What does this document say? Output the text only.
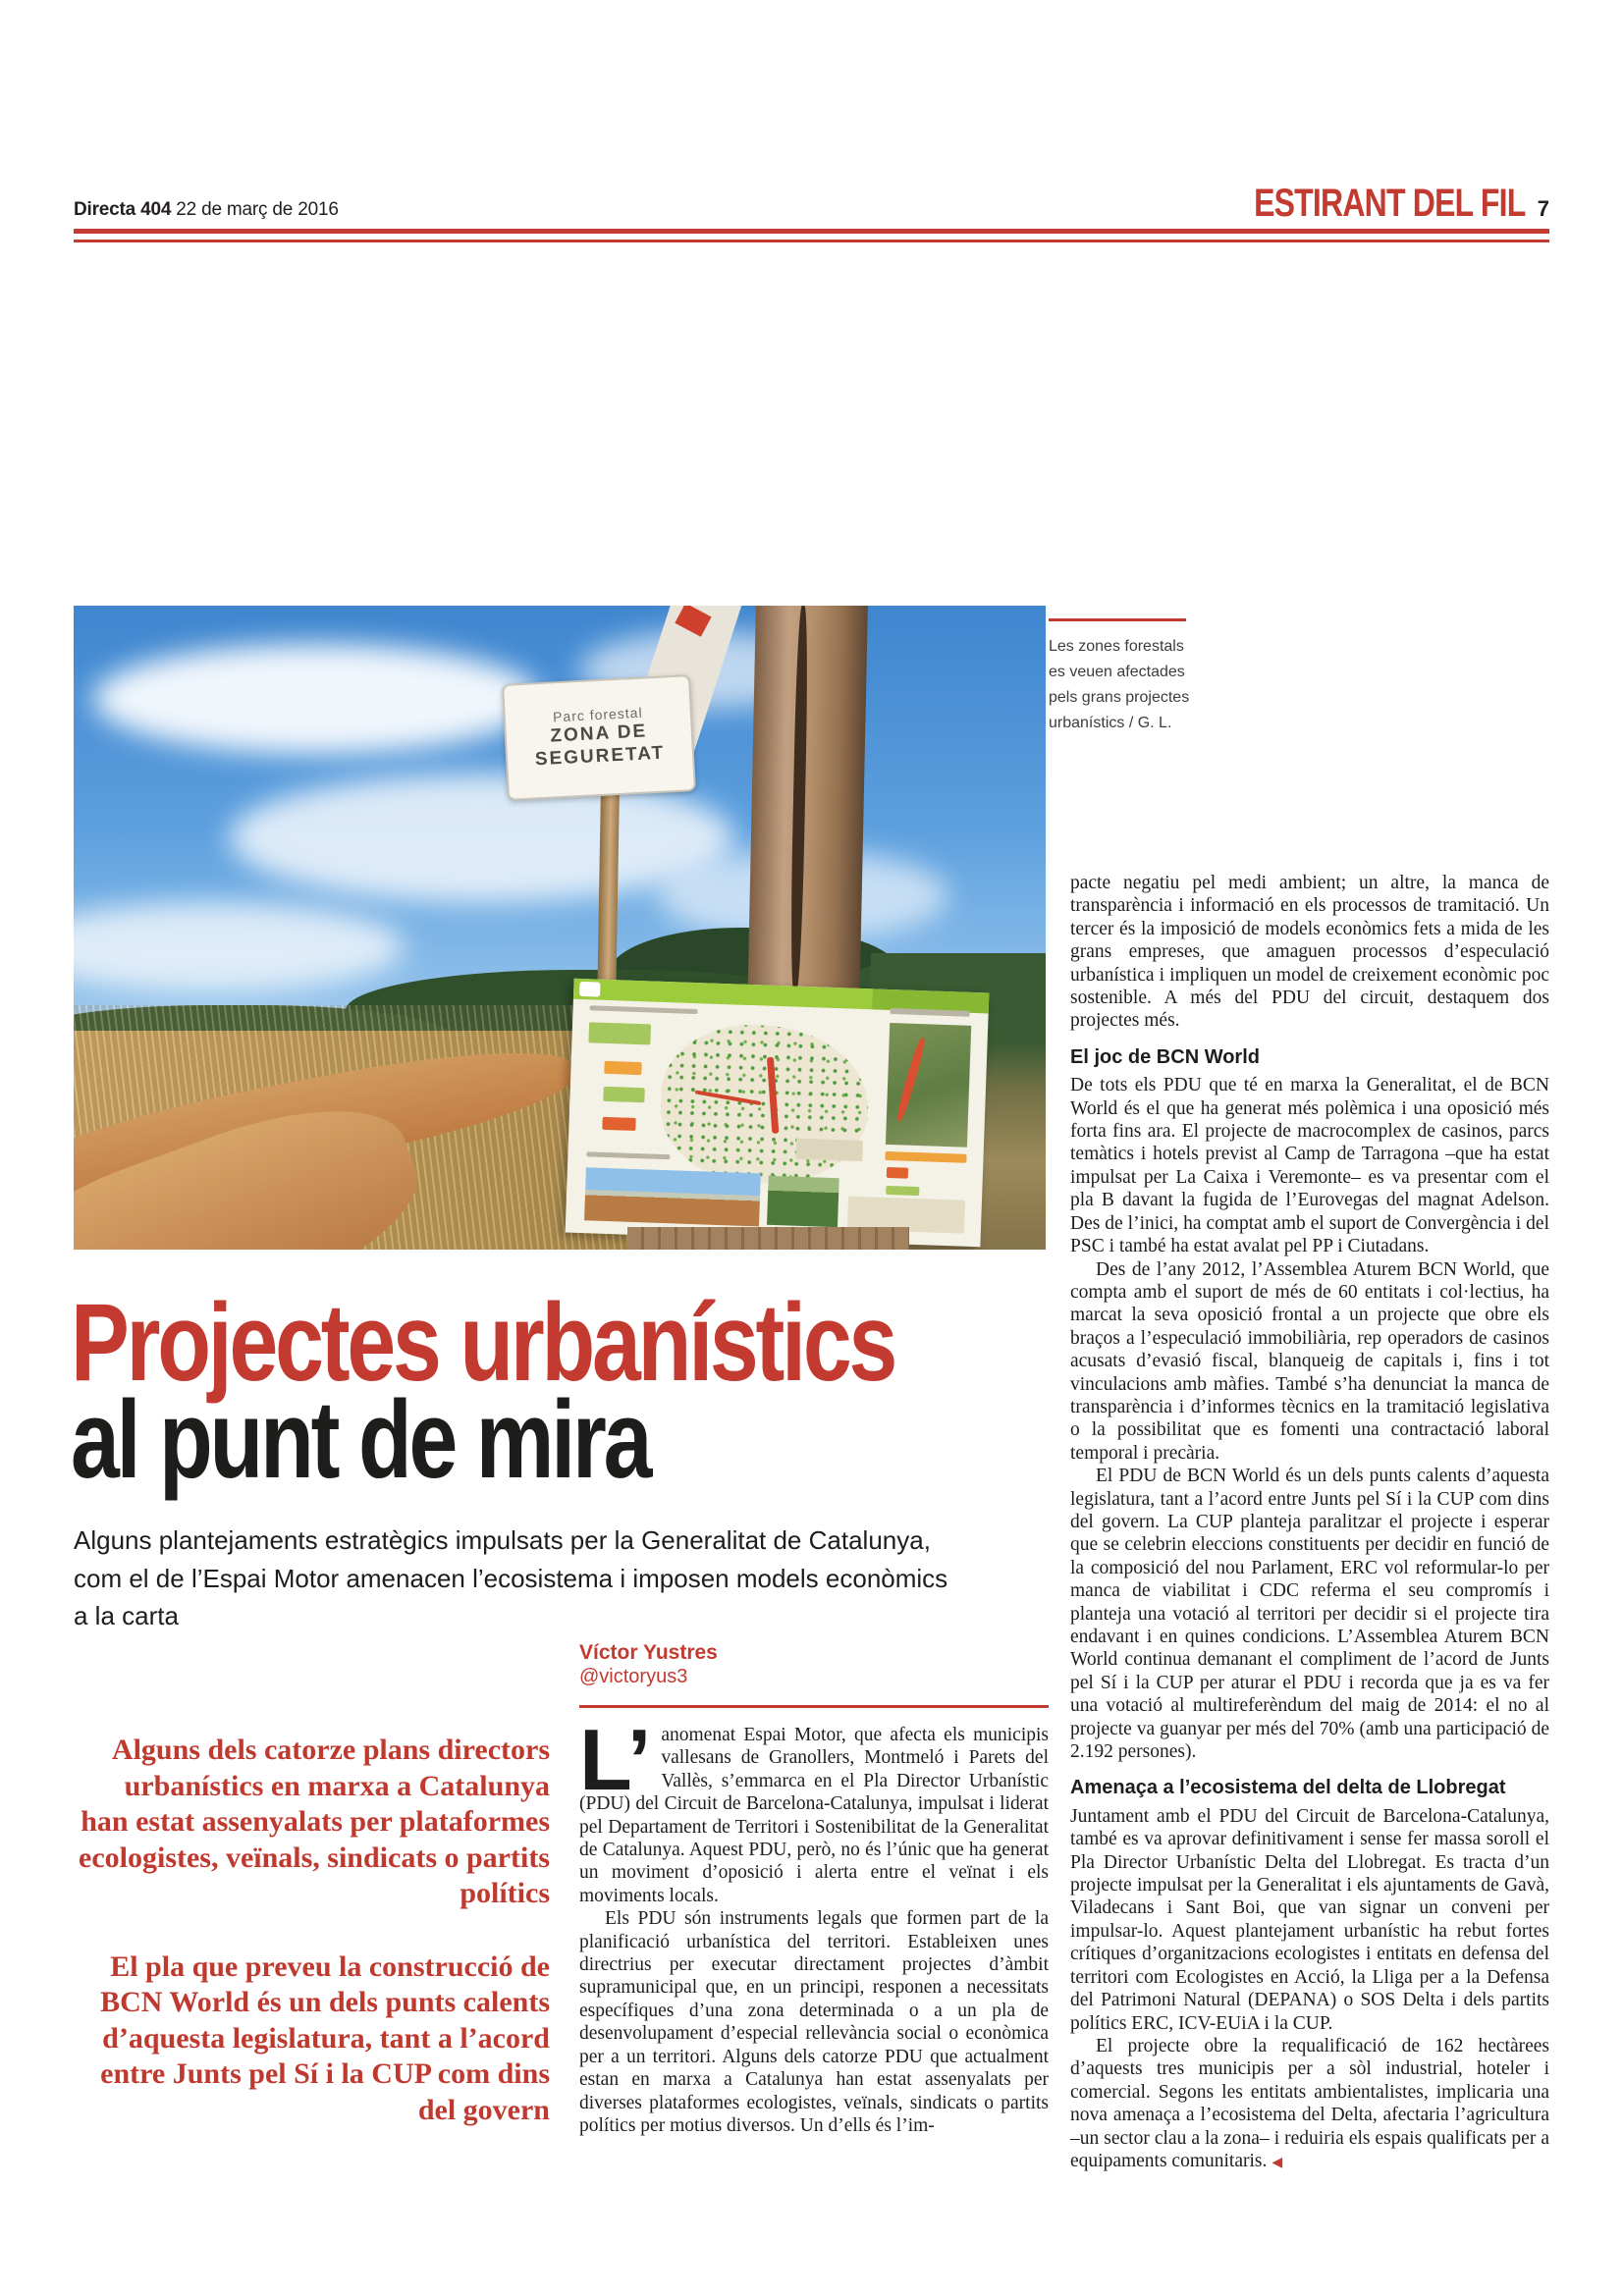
Directa 404 22 de març de 2016	ESTIRANT DEL FIL 7
Parc forestal
ZONA DE
SEGURETAT
Les zones forestals es veuen afectades pels grans projectes urbanístics / G. L.
Projectes urbanístics
al punt de mira
Alguns plantejaments estratègics impulsats per la Generalitat de Catalunya, com el de l’Espai Motor amenacen l’ecosistema i imposen models econòmics a la carta
Víctor Yustres
@victoryus3

Alguns dels catorze plans directors urbanístics en marxa a Catalunya han estat assenyalats per plataformes ecologistes, veïnals, sindicats o partits polítics

El pla que preveu la construcció de BCN World és un dels punts calents d’aquesta legislatura, tant a l’acord entre Junts pel Sí i la CUP com dins del govern

L’ anomenat Espai Motor, que afecta els municipis vallesans de Granollers, Montmeló i Parets del Vallès, s’emmarca en el Pla Director Urbanístic (PDU) del Circuit de Barcelona-Catalunya, impulsat i liderat pel Departament de Territori i Sostenibilitat de la Generalitat de Catalunya. Aquest PDU, però, no és l’únic que ha generat un moviment d’oposició i alerta entre el veïnat i els moviments locals.

Els PDU són instruments legals que formen part de la planificació urbanística del territori. Estableixen unes directrius per executar directament projectes d’àmbit supramunicipal que, en un principi, responen a necessitats específiques d’una zona determinada o a un pla de desenvolupament d’especial rellevància social o econòmica per a un territori. Alguns dels catorze PDU que actualment estan en marxa a Catalunya han estat assenyalats per diverses plataformes ecologistes, veïnals, sindicats o partits polítics per motius diversos. Un d’ells és l’im-

pacte negatiu pel medi ambient; un altre, la manca de transparència i informació en els processos de tramitació. Un tercer és la imposició de models econòmics fets a mida de les grans empreses, que amaguen processos d’especulació urbanística i impliquen un model de creixement econòmic poc sostenible. A més del PDU del circuit, destaquem dos projectes més.

El joc de BCN World

De tots els PDU que té en marxa la Generalitat, el de BCN World és el que ha generat més polèmica i una oposició més forta fins ara. El projecte de macrocomplex de casinos, parcs temàtics i hotels previst al Camp de Tarragona –que ha estat impulsat per La Caixa i Veremonte– es va presentar com el pla B davant la fugida de l’Eurovegas del magnat Adelson. Des de l’inici, ha comptat amb el suport de Convergència i del PSC i també ha estat avalat pel PP i Ciutadans.

Des de l’any 2012, l’Assemblea Aturem BCN World, que compta amb el suport de més de 60 entitats i col·lectius, ha marcat la seva oposició frontal a un projecte que obre els braços a l’especulació immobiliària, rep operadors de casinos acusats d’evasió fiscal, blanqueig de capitals i, fins i tot vinculacions amb màfies. També s’ha denunciat la manca de transparència i d’informes tècnics en la tramitació legislativa o la possibilitat que es fomenti una contractació laboral temporal i precària.

El PDU de BCN World és un dels punts calents d’aquesta legislatura, tant a l’acord entre Junts pel Sí i la CUP com dins del govern. La CUP planteja paralitzar el projecte i esperar que se celebrin eleccions constituents per decidir en funció de la composició del nou Parlament, ERC vol reformular-lo per manca de viabilitat i CDC referma el seu compromís i planteja una votació al territori per decidir si el projecte tira endavant i en quines condicions. L’Assemblea Aturem BCN World continua demanant el compliment de l’acord de Junts pel Sí i la CUP per aturar el PDU i recorda que ja es va fer una votació al multireferèndum del maig de 2014: el no al projecte va guanyar per més del 70% (amb una participació de 2.192 persones).

Amenaça a l’ecosistema del delta de Llobregat

Juntament amb el PDU del Circuit de Barcelona-Catalunya, també es va aprovar definitivament i sense fer massa soroll el Pla Director Urbanístic Delta del Llobregat. Es tracta d’un projecte impulsat per la Generalitat i els ajuntaments de Gavà, Viladecans i Sant Boi, que van signar un conveni per impulsar-lo. Aquest plantejament urbanístic ha rebut fortes crítiques d’organitzacions ecologistes i entitats en defensa del territori com Ecologistes en Acció, la Lliga per a la Defensa del Patrimoni Natural (DEPANA) o SOS Delta i dels partits polítics ERC, ICV-EUiA i la CUP.

El projecte obre la requalificació de 162 hectàrees d’aquests tres municipis per a sòl industrial, hoteler i comercial. Segons les entitats ambientalistes, implicaria una nova amenaça a l’ecosistema del Delta, afectaria l’agricultura –un sector clau a la zona– i reduiria els espais qualificats per a equipaments comunitaris. ◀
